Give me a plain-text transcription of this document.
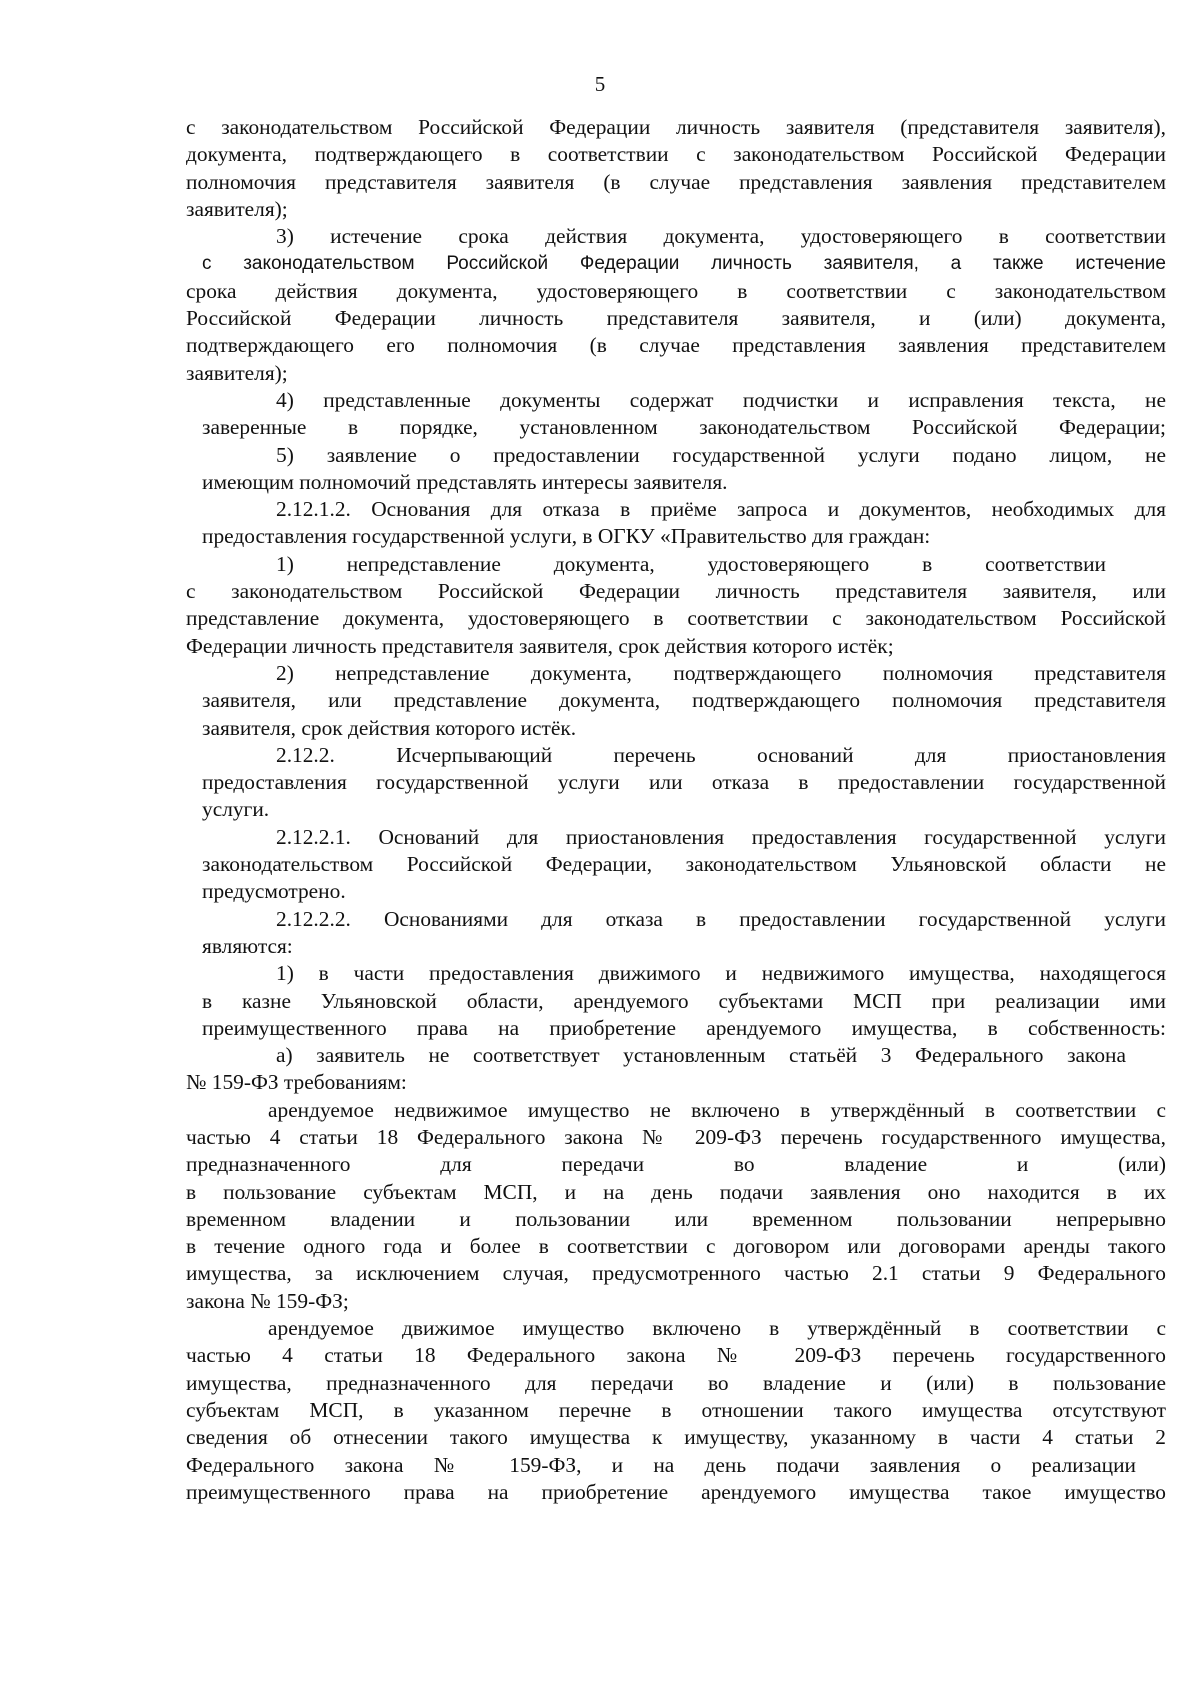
5
с законодательством Российской Федерации личность заявителя (представителя заявителя),
документа, подтверждающего в соответствии с законодательством Российской Федерации
полномочия представителя заявителя (в случае представления заявления представителем
заявителя);
3) истечение срока действия документа, удостоверяющего в соответствии
с законодательством Российской Федерации личность заявителя, а также истечение
срока действия документа, удостоверяющего в соответствии с законодательством
Российской Федерации личность представителя заявителя, и (или) документа,
подтверждающего его полномочия (в случае представления заявления представителем
заявителя);
4) представленные документы содержат подчистки и исправления текста, не
заверенные в порядке, установленном законодательством Российской Федерации;
5) заявление о предоставлении государственной услуги подано лицом, не
имеющим полномочий представлять интересы заявителя.
2.12.1.2. Основания для отказа в приёме запроса и документов, необходимых для
предоставления государственной услуги, в ОГКУ «Правительство для граждан:
1) непредставление документа, удостоверяющего в соответствии
с законодательством Российской Федерации личность представителя заявителя, или
представление документа, удостоверяющего в соответствии с законодательством Российской
Федерации личность представителя заявителя, срок действия которого истёк;
2) непредставление документа, подтверждающего полномочия представителя
заявителя, или представление документа, подтверждающего полномочия представителя
заявителя, срок действия которого истёк.
2.12.2. Исчерпывающий перечень оснований для приостановления
предоставления государственной услуги или отказа в предоставлении государственной
услуги.
2.12.2.1. Оснований для приостановления предоставления государственной услуги
законодательством Российской Федерации, законодательством Ульяновской области не
предусмотрено.
2.12.2.2. Основаниями для отказа в предоставлении государственной услуги
являются:
1) в части предоставления движимого и недвижимого имущества, находящегося
в казне Ульяновской области, арендуемого субъектами МСП при реализации ими
преимущественного права на приобретение арендуемого имущества, в собственность:
а) заявитель не соответствует установленным статьёй 3 Федерального закона
№ 159-ФЗ требованиям:
арендуемое недвижимое имущество не включено в утверждённый в соответствии с
частью 4 статьи 18 Федерального закона № 209-ФЗ перечень государственного имущества,
предназначенного для передачи во владение и (или)
в пользование субъектам МСП, и на день подачи заявления оно находится в их
временном владении и пользовании или временном пользовании непрерывно
в течение одного года и более в соответствии с договором или договорами аренды такого
имущества, за исключением случая, предусмотренного частью 2.1 статьи 9 Федерального
закона № 159-ФЗ;
арендуемое движимое имущество включено в утверждённый в соответствии с
частью 4 статьи 18 Федерального закона № 209-ФЗ перечень государственного
имущества, предназначенного для передачи во владение и (или) в пользование
субъектам МСП, в указанном перечне в отношении такого имущества отсутствуют
сведения об отнесении такого имущества к имуществу, указанному в части 4 статьи 2
Федерального закона № 159-ФЗ, и на день подачи заявления о реализации
преимущественного права на приобретение арендуемого имущества такое имущество
